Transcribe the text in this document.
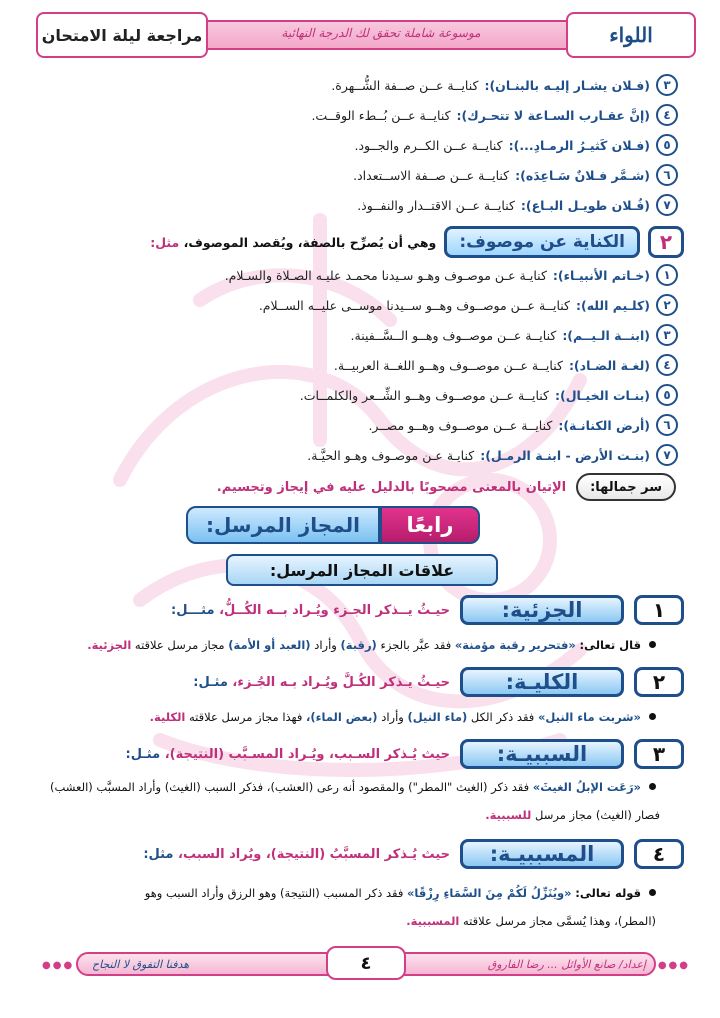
موسوعة شاملة تحقق لك الدرجة النهائية	اللواء
مراجعة ليلة الامتحان
٣
(فـلان يشـار إليـه بالبنـان):
كنايــة عــن صــفة الشُّــهرة.
٤
(إنَّ عقـارب السـاعة لا تتحـرك):
كنايــة عــن بُــطء الوقــت.
٥
(فـلان كَثيـرُ الرمـادِ...):
كنايــة عــن الكــرم والجــود.
٦
(شـمَّر فـلانٌ سَـاعِدَه):
كنايــة عــن صــفة الاســتعداد.
٧
(فُـلان طويـل البـاع):
كنايــة عــن الاقتــدار والنفــوذ.
٢
الكناية عن موصوف:
وهي أن يُصرِّح بالصفة، ويُقصد الموصوف، مثل:
١
(خـاتم الأنبيـاء):
كنايـة عـن موصـوف وهـو سـيدنا محمـد عليـه الصـلاة والسـلام.
٢
(كلـيم الله):
كنايــة عــن موصــوف وهــو ســيدنا موســى عليــه الســلام.
٣
(ابنــة الـيــم):
كنايــة عــن موصــوف وهــو الــسَّــفينة.
٤
(لغـة الضـاد):
كنايــة عــن موصــوف وهــو اللغــة العربيــة.
٥
(بنـات الخيـال):
كنايــة عــن موصــوف وهــو الشِّــعر والكلمــات.
٦
(أرض الكنانـة):
كنايــة عــن موصــوف وهــو مصــر.
٧
(بنـت الأرض - ابنـة الرمـل):
كنايـة عـن موصـوف وهـو الحيَّـة.
سر جمالها:
الإتيان بالمعنى مصحوبًا بالدليل عليه في إيجاز وتجسيم.
رابعًا
المجاز المرسل:
علاقات المجاز المرسل:
١
الجزئية:
حيـثُ يــذكر الجـزء ويُـراد بــه الكُــلُّ، مثـــل:
قال تعالى: «فتحرير رقبة مؤمنة» فقد عبَّر بالجزء (رقبة) وأراد (العبد أو الأمة) مجاز مرسل علاقته الجزئية.
٢
الكليـة:
حيـثُ يـذكر الكُـلَّ ويُـراد بـه الجُـزء، مثـل:
«شربت ماء النيل» فقد ذكر الكل (ماء النيل) وأراد (بعض الماء)، فهذا مجاز مرسل علاقته الكلية.
٣
السببيـة:
حيث يُـذكر السـبب، ويُـراد المسـبَّب (النتيجة)، مثـل:
«رَعَت الإبلُ الغيثَ» فقد ذكر (الغيث "المطر") والمقصود أنه رعى (العشب)، فذكر السبب (الغيث) وأراد المسبَّب (العشب)
فصار (الغيث) مجاز مرسل للسببية.
٤
المسببيـة:
حيث يُـذكر المسبَّبُ (النتيجة)، ويُراد السبب، مثل:
قوله تعالى: «ويُنَزِّلُ لَكُمْ مِنَ السَّمَاءِ رِزْقًا» فقد ذكر المسبب (النتيجة) وهو الرزق وأراد السبب وهو
(المطر)، وهذا يُسمَّى مجاز مرسل علاقته المسببية.
●●●
●●●	إعداد/ صانع الأوائل ... رضا الفاروق
هدفنا التفوق لا النجاح	٤
